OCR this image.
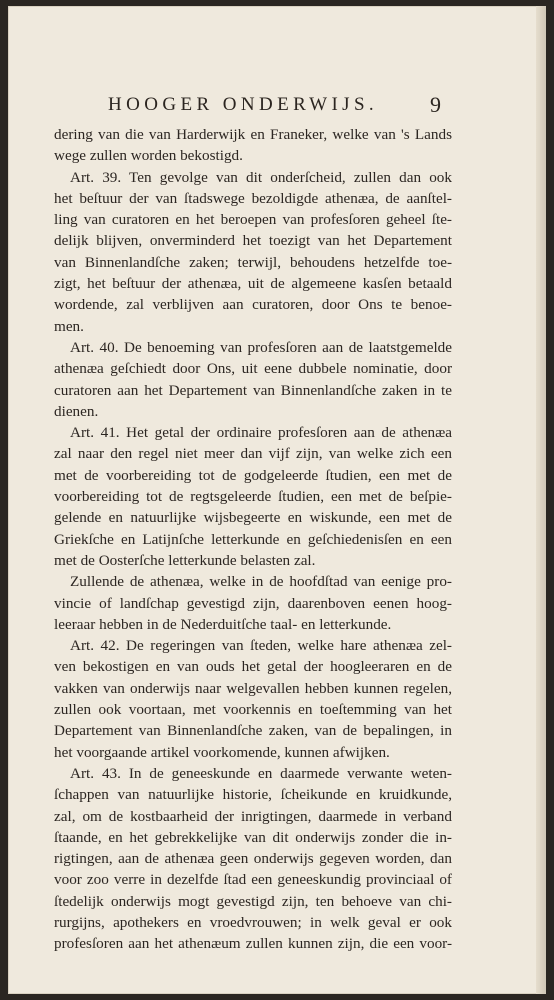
HOOGER ONDERWIJS.	9
dering van die van Harderwijk en Franeker, welke van 's Lands
wege zullen worden bekostigd.
Art. 39. Ten gevolge van dit onderſcheid, zullen dan ook
het beſtuur der van ſtadswege bezoldigde athenæa, de aanſtel-
ling van curatoren en het beroepen van profesſoren geheel ſte-
delijk blijven, onverminderd het toezigt van het Departement
van Binnenlandſche zaken; terwijl, behoudens hetzelfde toe-
zigt, het beſtuur der athenæa, uit de algemeene kasſen betaald
wordende, zal verblijven aan curatoren, door Ons te benoe-
men.
Art. 40. De benoeming van profesſoren aan de laatstgemelde
athenæa geſchiedt door Ons, uit eene dubbele nominatie, door
curatoren aan het Departement van Binnenlandſche zaken in te
dienen.
Art. 41. Het getal der ordinaire profesſoren aan de athenæa
zal naar den regel niet meer dan vijf zijn, van welke zich een
met de voorbereiding tot de godgeleerde ſtudien, een met de
voorbereiding tot de regtsgeleerde ſtudien, een met de beſpie-
gelende en natuurlijke wijsbegeerte en wiskunde, een met de
Griekſche en Latijnſche letterkunde en geſchiedenisſen en een
met de Oosterſche letterkunde belasten zal.
Zullende de athenæa, welke in de hoofdſtad van eenige pro-
vincie of landſchap gevestigd zijn, daarenboven eenen hoog-
leeraar hebben in de Nederduitſche taal- en letterkunde.
Art. 42. De regeringen van ſteden, welke hare athenæa zel-
ven bekostigen en van ouds het getal der hoogleeraren en de
vakken van onderwijs naar welgevallen hebben kunnen regelen,
zullen ook voortaan, met voorkennis en toeſtemming van het
Departement van Binnenlandſche zaken, van de bepalingen, in
het voorgaande artikel voorkomende, kunnen afwijken.
Art. 43. In de geneeskunde en daarmede verwante weten-
ſchappen van natuurlijke historie, ſcheikunde en kruidkunde,
zal, om de kostbaarheid der inrigtingen, daarmede in verband
ſtaande, en het gebrekkelijke van dit onderwijs zonder die in-
rigtingen, aan de athenæa geen onderwijs gegeven worden, dan
voor zoo verre in dezelfde ſtad een geneeskundig provinciaal of
ſtedelijk onderwijs mogt gevestigd zijn, ten behoeve van chi-
rurgijns, apothekers en vroedvrouwen; in welk geval er ook
profesſoren aan het athenæum zullen kunnen zijn, die een voor-
